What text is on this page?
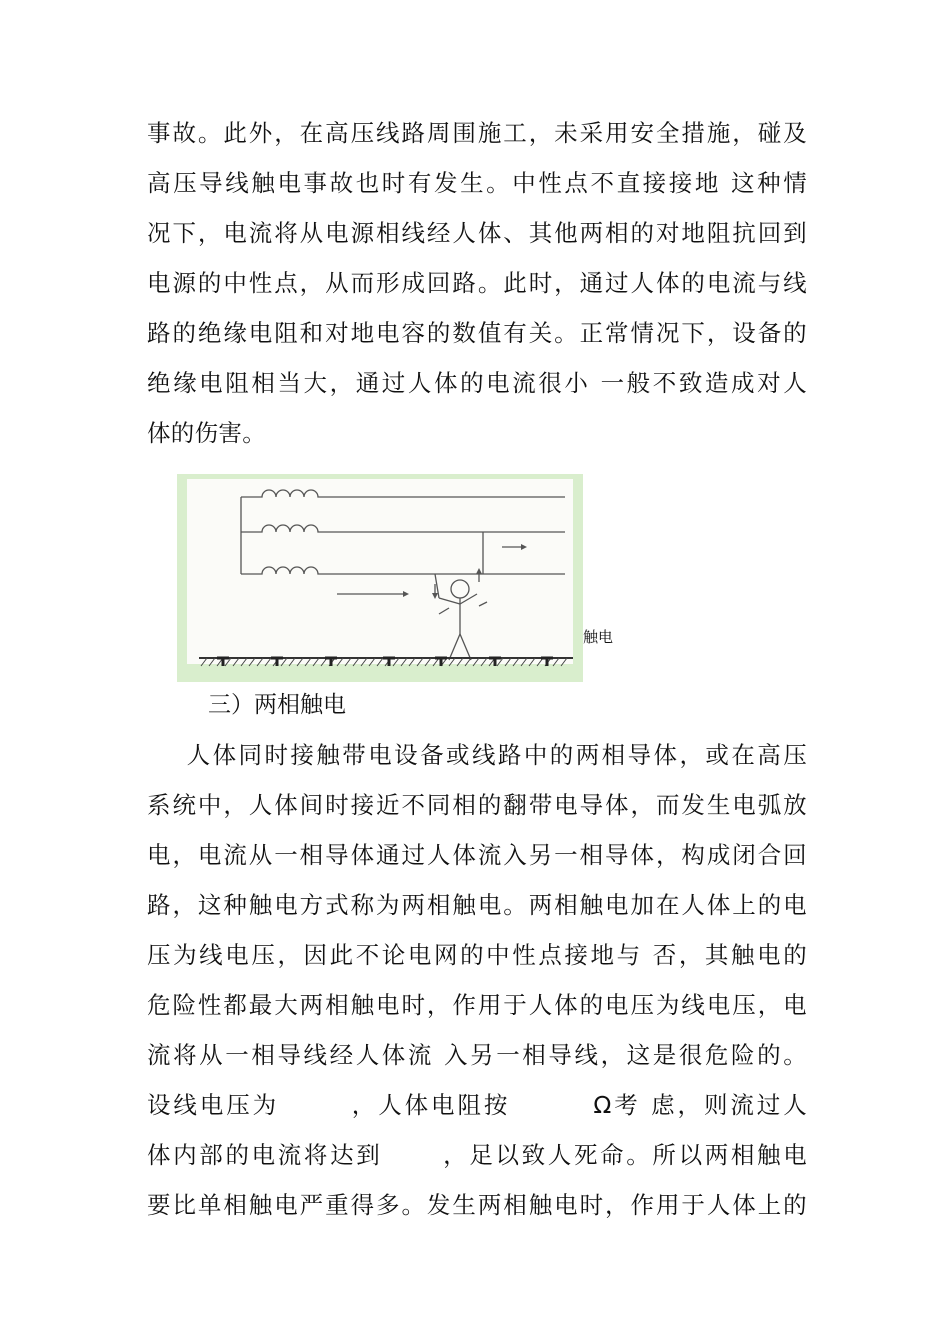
事故。此外，在高压线路周围施工，未采用安全措施，碰及
高压导线触电事故也时有发生。中性点不直接接地 这种情
况下，电流将从电源相线经人体、其他两相的对地阻抗回到
电源的中性点，从而形成回路。此时，通过人体的电流与线
路的绝缘电阻和对地电容的数值有关。正常情况下，设备的
绝缘电阻相当大，通过人体的电流很小 一般不致造成对人
体的伤害。
触电
三）两相触电
人体同时接触带电设备或线路中的两相导体，或在高压
系统中，人体间时接近不同相的翻带电导体，而发生电弧放
电，电流从一相导体通过人体流入另一相导体，构成闭合回
路，这种触电方式称为两相触电。两相触电加在人体上的电
压为线电压，因此不论电网的中性点接地与 否，其触电的
危险性都最大两相触电时，作用于人体的电压为线电压，电
流将从一相导线经人体流 入另一相导线，这是很危险的。
设线电压为       ，人体电阻按        Ω考 虑，则流过人
体内部的电流将达到      ，足以致人死命。所以两相触电
要比单相触电严重得多。发生两相触电时，作用于人体上的
